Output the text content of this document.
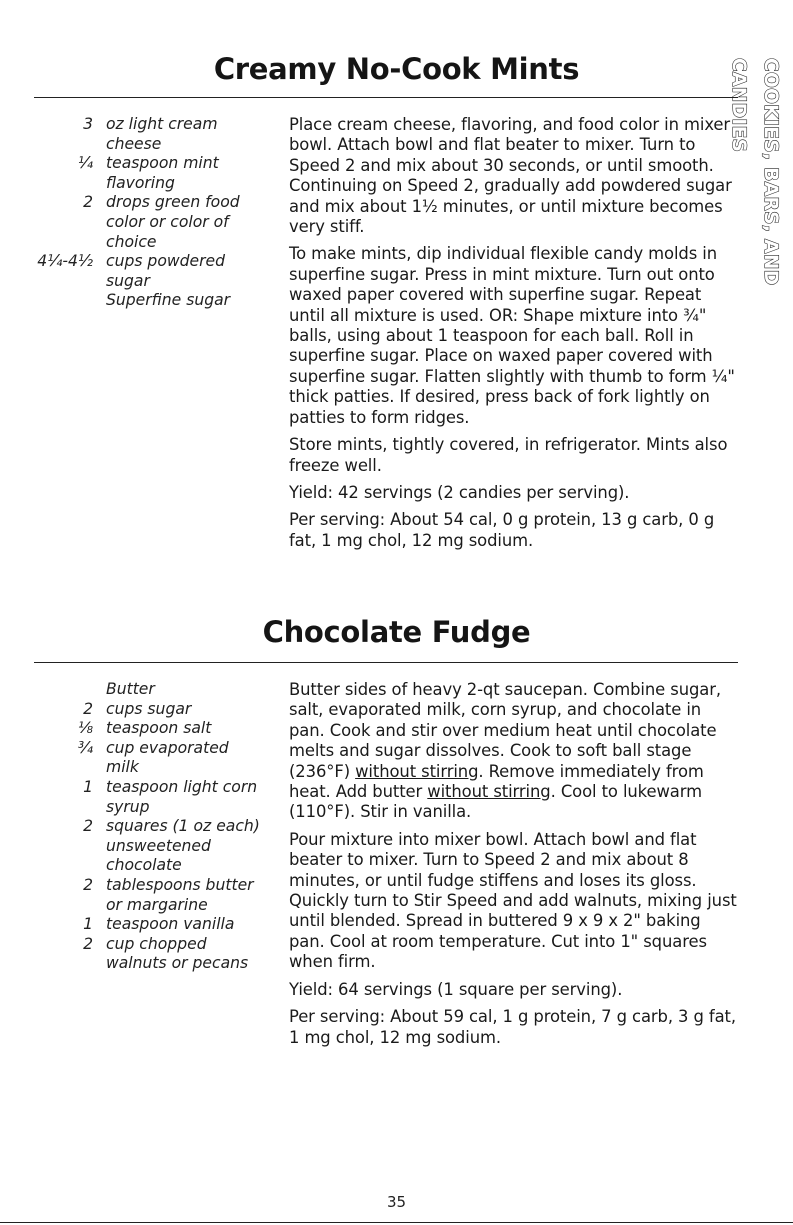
COOKIES, BARS, AND CANDIES
Creamy No-Cook Mints
3 oz light cream
cheese
¼ teaspoon mint
flavoring
2 drops green food
color or color of
choice
4¼-4½ cups powdered
sugar
Superfine sugar

Place cream cheese, flavoring, and food color in mixer bowl. Attach bowl and flat beater to mixer. Turn to Speed 2 and mix about 30 seconds, or until smooth. Continuing on Speed 2, gradually add powdered sugar and mix about 1½ minutes, or until mixture becomes very stiff.

To make mints, dip individual flexible candy molds in superfine sugar. Press in mint mixture. Turn out onto waxed paper covered with superfine sugar. Repeat until all mixture is used. OR: Shape mixture into ¾" balls, using about 1 teaspoon for each ball. Roll in superfine sugar. Place on waxed paper covered with superfine sugar. Flatten slightly with thumb to form ¼" thick patties. If desired, press back of fork lightly on patties to form ridges.

Store mints, tightly covered, in refrigerator. Mints also freeze well.

Yield: 42 servings (2 candies per serving).

Per serving: About 54 cal, 0 g protein, 13 g carb, 0 g fat, 1 mg chol, 12 mg sodium.

Chocolate Fudge
Butter
2 cups sugar
⅛ teaspoon salt
¾ cup evaporated
milk
1 teaspoon light corn
syrup
2 squares (1 oz each)
unsweetened
chocolate
2 tablespoons butter
or margarine
1 teaspoon vanilla
2 cup chopped
walnuts or pecans

Butter sides of heavy 2-qt saucepan. Combine sugar, salt, evaporated milk, corn syrup, and chocolate in pan. Cook and stir over medium heat until chocolate melts and sugar dissolves. Cook to soft ball stage (236°F) without stirring. Remove immediately from heat. Add butter without stirring. Cool to lukewarm (110°F). Stir in vanilla.

Pour mixture into mixer bowl. Attach bowl and flat beater to mixer. Turn to Speed 2 and mix about 8 minutes, or until fudge stiffens and loses its gloss. Quickly turn to Stir Speed and add walnuts, mixing just until blended. Spread in buttered 9 x 9 x 2" baking pan. Cool at room temperature. Cut into 1" squares when firm.

Yield: 64 servings (1 square per serving).

Per serving: About 59 cal, 1 g protein, 7 g carb, 3 g fat, 1 mg chol, 12 mg sodium.

35
